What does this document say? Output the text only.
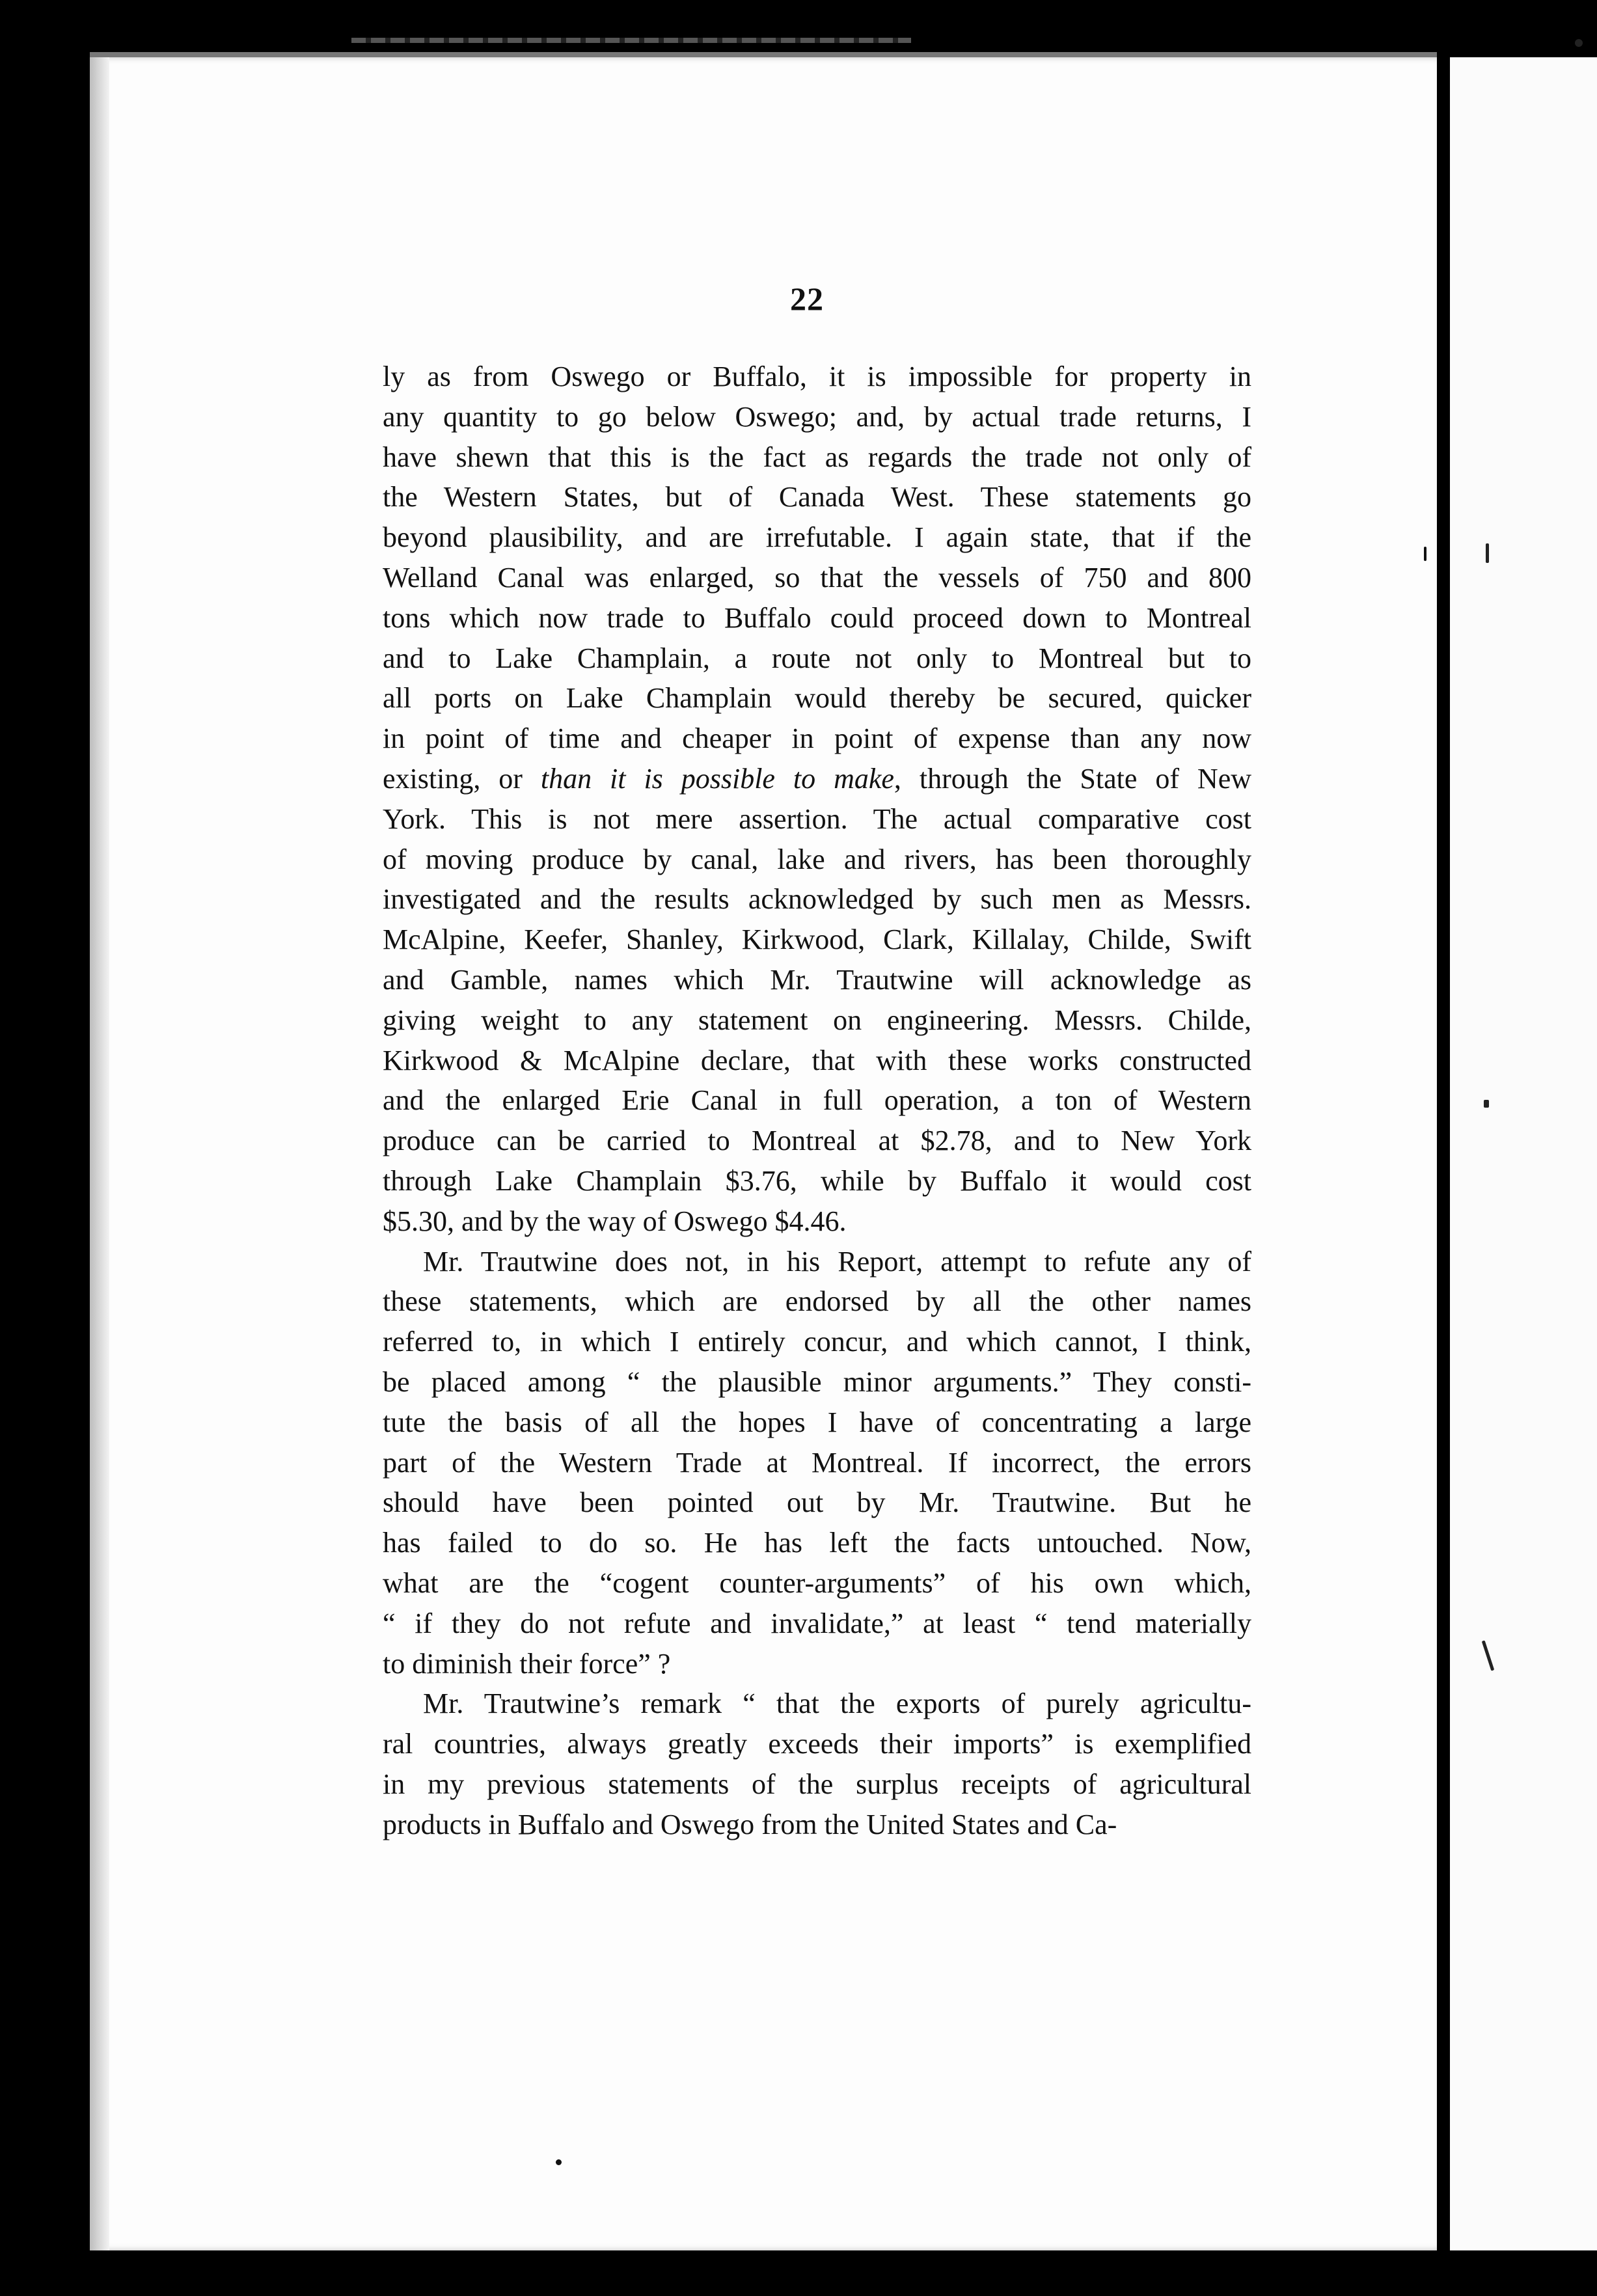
22
ly as from Oswego or Buffalo, it is impossible for property in
any quantity to go below Oswego; and, by actual trade returns, I
have shewn that this is the fact as regards the trade not only of
the Western States, but of Canada West. These statements go
beyond plausibility, and are irrefutable. I again state, that if the
Welland Canal was enlarged, so that the vessels of 750 and 800
tons which now trade to Buffalo could proceed down to Montreal
and to Lake Champlain, a route not only to Montreal but to
all ports on Lake Champlain would thereby be secured, quicker
in point of time and cheaper in point of expense than any now
existing, or than it is possible to make, through the State of New
York. This is not mere assertion. The actual comparative cost
of moving produce by canal, lake and rivers, has been thoroughly
investigated and the results acknowledged by such men as Messrs.
McAlpine, Keefer, Shanley, Kirkwood, Clark, Killalay, Childe, Swift
and Gamble, names which Mr. Trautwine will acknowledge as
giving weight to any statement on engineering. Messrs. Childe,
Kirkwood & McAlpine declare, that with these works constructed
and the enlarged Erie Canal in full operation, a ton of Western
produce can be carried to Montreal at $2.78, and to New York
through Lake Champlain $3.76, while by Buffalo it would cost
$5.30, and by the way of Oswego $4.46.
Mr. Trautwine does not, in his Report, attempt to refute any of
these statements, which are endorsed by all the other names
referred to, in which I entirely concur, and which cannot, I think,
be placed among “ the plausible minor arguments.” They consti-
tute the basis of all the hopes I have of concentrating a large
part of the Western Trade at Montreal. If incorrect, the errors
should have been pointed out by Mr. Trautwine. But he
has failed to do so. He has left the facts untouched. Now,
what are the “cogent counter-arguments” of his own which,
“ if they do not refute and invalidate,” at least “ tend materially
to diminish their force” ?
Mr. Trautwine’s remark “ that the exports of purely agricultu-
ral countries, always greatly exceeds their imports” is exemplified
in my previous statements of the surplus receipts of agricultural
products in Buffalo and Oswego from the United States and Ca-
